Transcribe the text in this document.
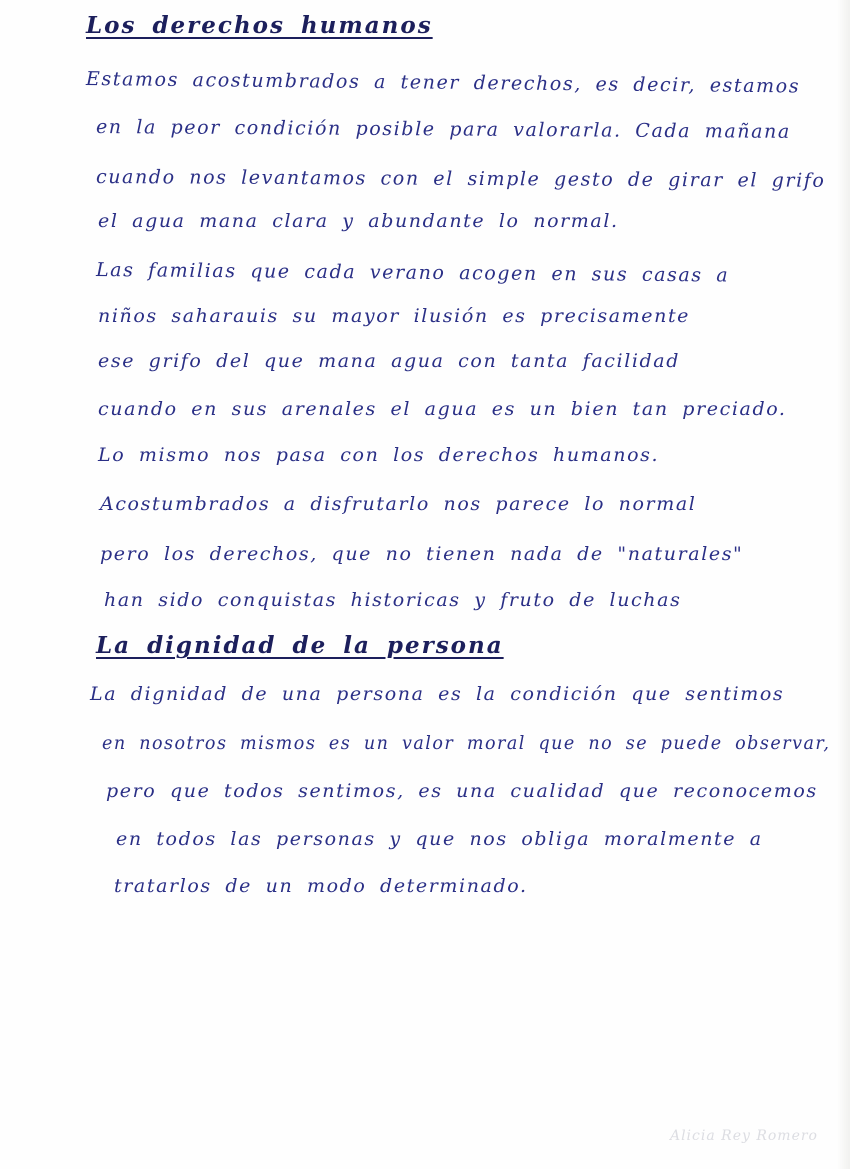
Los derechos humanos

Estamos acostumbrados a tener derechos, es decir, estamos

en la peor condición posible para valorarla. Cada mañana

cuando nos levantamos con el simple gesto de girar el grifo

el agua mana clara y abundante lo normal.

Las familias que cada verano acogen en sus casas a

niños saharauis su mayor ilusión es precisamente

ese grifo del que mana agua con tanta facilidad

cuando en sus arenales el agua es un bien tan preciado.

Lo mismo nos pasa con los derechos humanos.

Acostumbrados a disfrutarlo nos parece lo normal

pero los derechos, que no tienen nada de "naturales"

han sido conquistas historicas y fruto de luchas

La dignidad de la persona

La dignidad de una persona es la condición que sentimos

en nosotros mismos es un valor moral que no se puede observar,

pero que todos sentimos, es una cualidad que reconocemos

en todos las personas y que nos obliga moralmente a

tratarlos de un modo determinado.

Alicia Rey Romero
